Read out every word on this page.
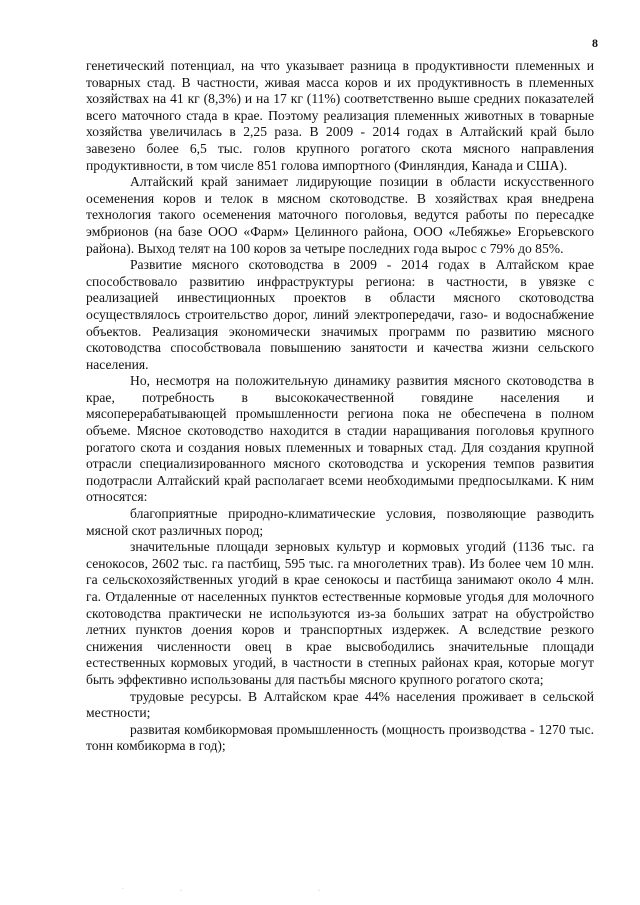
8

генетический потенциал, на что указывает разница в продуктивности племенных и товарных стад. В частности, живая масса коров и их продуктивность в племенных хозяйствах на 41 кг (8,3%) и на 17 кг (11%) соответственно выше средних показателей всего маточного стада в крае. Поэтому реализация племенных животных в товарные хозяйства увеличилась в 2,25 раза. В 2009 - 2014 годах в Алтайский край было завезено более 6,5 тыс. голов крупного рогатого скота мясного направления продуктивности, в том числе 851 голова импортного (Финляндия, Канада и США).

Алтайский край занимает лидирующие позиции в области искусственного осеменения коров и телок в мясном скотоводстве. В хозяйствах края внедрена технология такого осеменения маточного поголовья, ведутся работы по пересадке эмбрионов (на базе ООО «Фарм» Целинного района, ООО «Лебяжье» Егорьевского района). Выход телят на 100 коров за четыре последних года вырос с 79% до 85%.

Развитие мясного скотоводства в 2009 - 2014 годах в Алтайском крае способствовало развитию инфраструктуры региона: в частности, в увязке с реализацией инвестиционных проектов в области мясного скотоводства осуществлялось строительство дорог, линий электропередачи, газо- и водоснабжение объектов. Реализация экономически значимых программ по развитию мясного скотоводства способствовала повышению занятости и качества жизни сельского населения.

Но, несмотря на положительную динамику развития мясного скотоводства в крае, потребность в высококачественной говядине населения и мясоперерабатывающей промышленности региона пока не обеспечена в полном объеме. Мясное скотоводство находится в стадии наращивания поголовья крупного рогатого скота и создания новых племенных и товарных стад. Для создания крупной отрасли специализированного мясного скотоводства и ускорения темпов развития подотрасли Алтайский край располагает всеми необходимыми предпосылками. К ним относятся:

благоприятные природно-климатические условия, позволяющие разводить мясной скот различных пород;

значительные площади зерновых культур и кормовых угодий (1136 тыс. га сенокосов, 2602 тыс. га пастбищ, 595 тыс. га многолетних трав). Из более чем 10 млн. га сельскохозяйственных угодий в крае сенокосы и пастбища занимают около 4 млн. га. Отдаленные от населенных пунктов естественные кормовые угодья для молочного скотоводства практически не используются из-за больших затрат на обустройство летних пунктов доения коров и транспортных издержек. А вследствие резкого снижения численности овец в крае высвободились значительные площади естественных кормовых угодий, в частности в степных районах края, которые могут быть эффективно использованы для пастьбы мясного крупного рогатого скота;

трудовые ресурсы. В Алтайском крае 44% населения проживает в сельской местности;

развитая комбикормовая промышленность (мощность производства - 1270 тыс. тонн комбикорма в год);

·	·	·
